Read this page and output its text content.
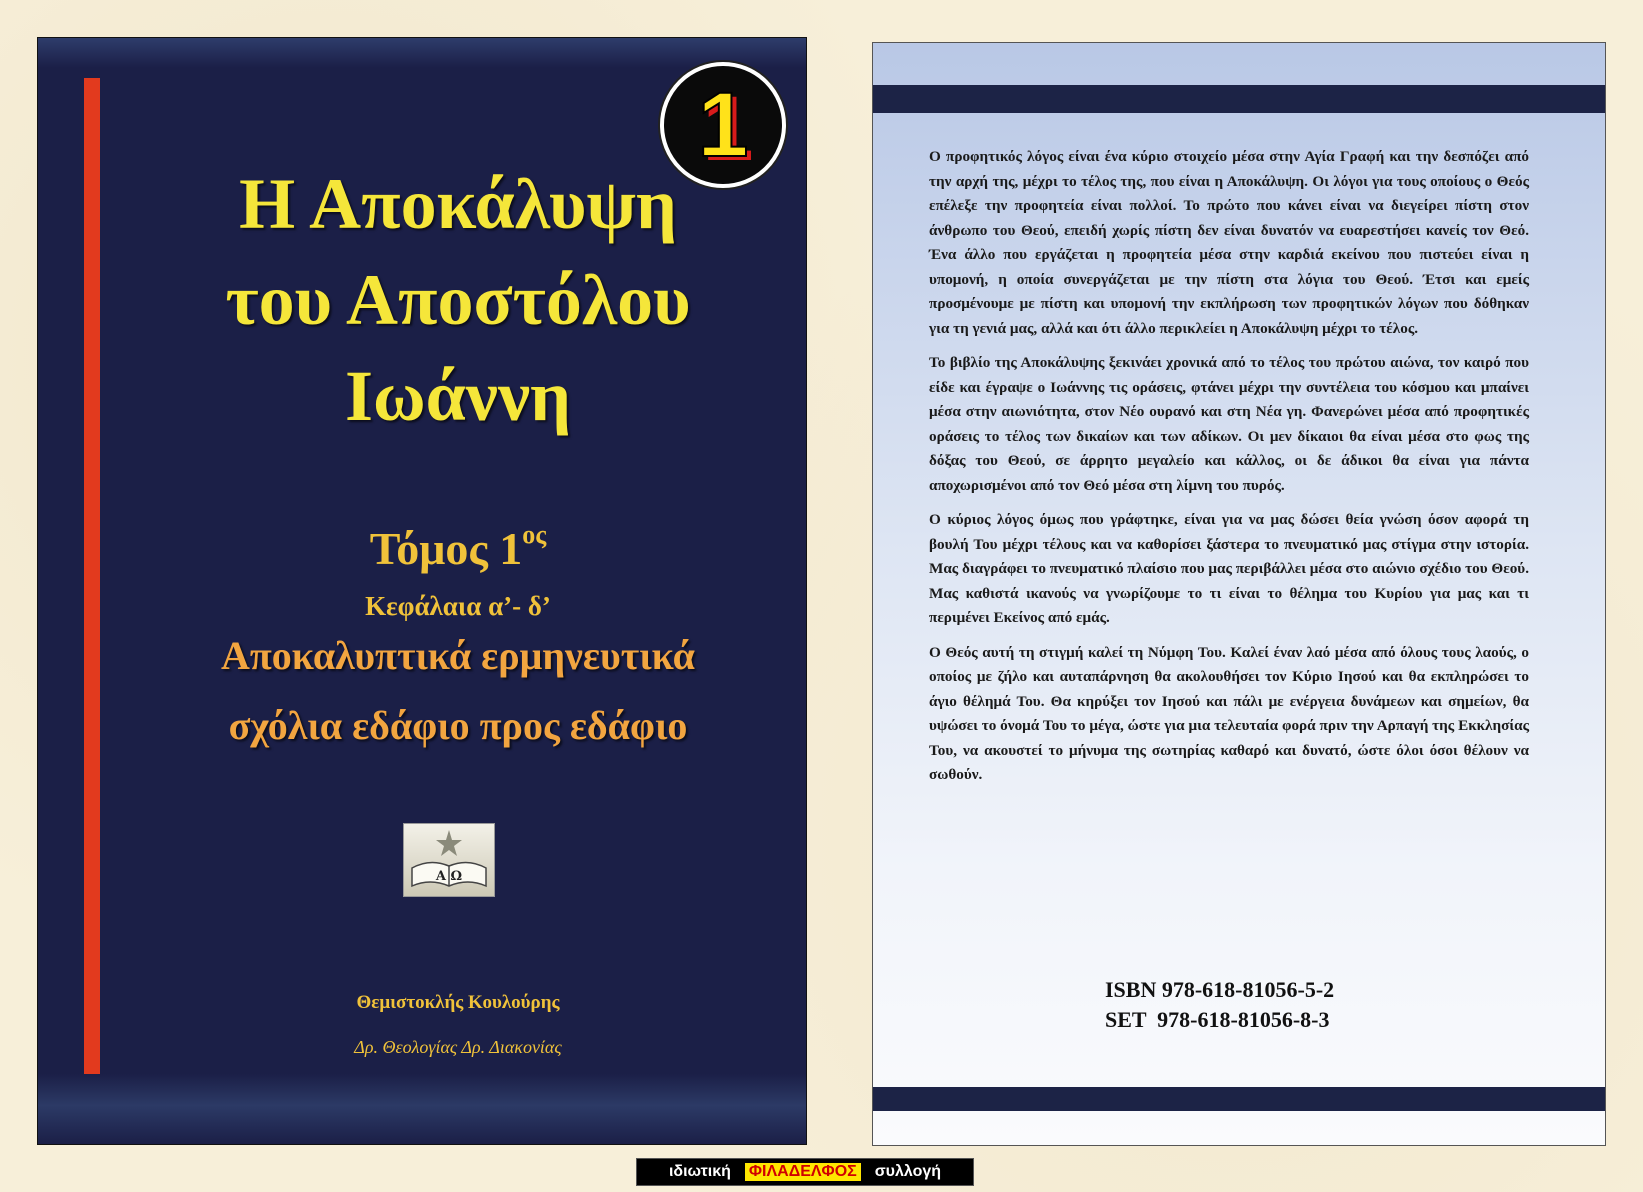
1
Η Αποκάλυψη
του Αποστόλου
Ιωάννη
Τόμος $1^{o\varsigma}$
Κεφάλαια α’- δ’
Αποκαλυπτικά ερμηνευτικά
σχόλια εδάφιο προς εδάφιο
Α Ω
Θεμιστοκλής Κουλούρης
Δρ. Θεολογίας Δρ. Διακονίας

Ο προφητικός λόγος είναι ένα κύριο στοιχείο μέσα στην Αγία Γραφή και την δεσπόζει από την αρχή της, μέχρι το τέλος της, που είναι η Αποκάλυψη. Οι λόγοι για τους οποίους ο Θεός επέλεξε την προφητεία είναι πολλοί. Το πρώτο που κάνει είναι να διεγείρει πίστη στον άνθρωπο του Θεού, επειδή χωρίς πίστη δεν είναι δυνατόν να ευαρεστήσει κανείς τον Θεό. Ένα άλλο που εργάζεται η προφητεία μέσα στην καρδιά εκείνου που πιστεύει είναι η υπομονή, η οποία συνεργάζεται με την πίστη στα λόγια του Θεού. Έτσι και εμείς προσμένουμε με πίστη και υπομονή την εκπλήρωση των προφητικών λόγων που δόθηκαν για τη γενιά μας, αλλά και ότι άλλο περικλείει η Αποκάλυψη μέχρι το τέλος.

Το βιβλίο της Αποκάλυψης ξεκινάει χρονικά από το τέλος του πρώτου αιώνα, τον καιρό που είδε και έγραψε ο Ιωάννης τις οράσεις, φτάνει μέχρι την συντέλεια του κόσμου και μπαίνει μέσα στην αιωνιότητα, στον Νέο ουρανό και στη Νέα γη. Φανερώνει μέσα από προφητικές οράσεις το τέλος των δικαίων και των αδίκων. Οι μεν δίκαιοι θα είναι μέσα στο φως της δόξας του Θεού, σε άρρητο μεγαλείο και κάλλος, οι δε άδικοι θα είναι για πάντα αποχωρισμένοι από τον Θεό μέσα στη λίμνη του πυρός.

Ο κύριος λόγος όμως που γράφτηκε, είναι για να μας δώσει θεία γνώση όσον αφορά τη βουλή Του μέχρι τέλους και να καθορίσει ξάστερα το πνευματικό μας στίγμα στην ιστορία. Μας διαγράφει το πνευματικό πλαίσιο που μας περιβάλλει μέσα στο αιώνιο σχέδιο του Θεού. Μας καθιστά ικανούς να γνωρίζουμε το τι είναι το θέλημα του Κυρίου για μας και τι περιμένει Εκείνος από εμάς.

Ο Θεός αυτή τη στιγμή καλεί τη Νύμφη Του. Καλεί έναν λαό μέσα από όλους τους λαούς, ο οποίος με ζήλο και αυταπάρνηση θα ακολουθήσει τον Κύριο Ιησού και θα εκπληρώσει το άγιο θέλημά Του. Θα κηρύξει τον Ιησού και πάλι με ενέργεια δυνάμεων και σημείων, θα υψώσει το όνομά Του το μέγα, ώστε για μια τελευταία φορά πριν την Αρπαγή της Εκκλησίας Του, να ακουστεί το μήνυμα της σωτηρίας καθαρό και δυνατό, ώστε όλοι όσοι θέλουν να σωθούν.

ISBN 978-618-81056-5-2
SET  978-618-81056-8-3
ιδιωτική ΦΙΛΑΔΕΛΦΟΣ συλλογή
